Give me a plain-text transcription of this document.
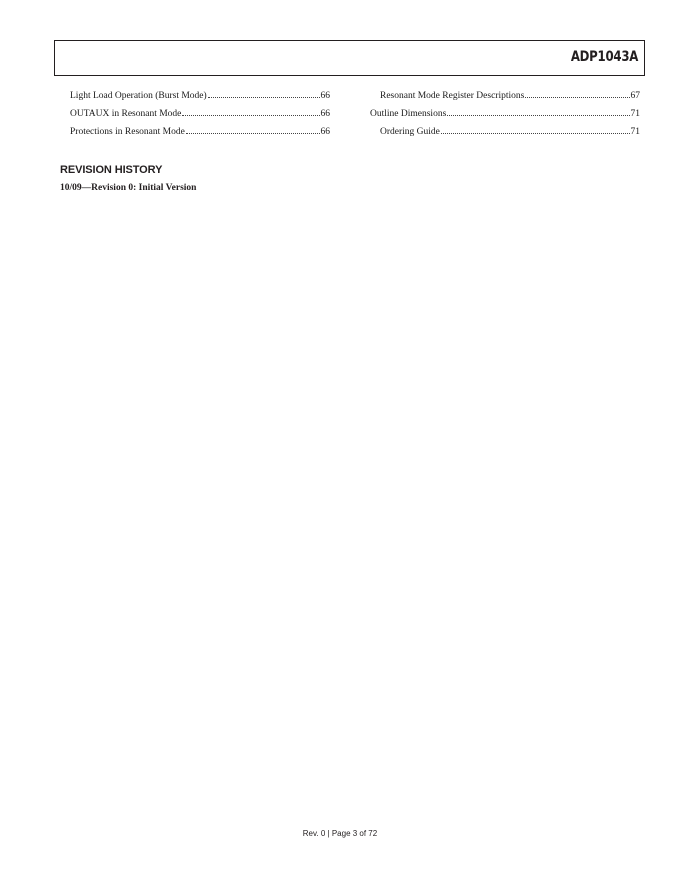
ADP1043A
Light Load Operation (Burst Mode)	66
OUTAUX in Resonant Mode	66
Protections in Resonant Mode	66
Resonant Mode Register Descriptions	67
Outline Dimensions	71
Ordering Guide	71
REVISION HISTORY
10/09—Revision 0: Initial Version
Rev. 0 | Page 3 of 72
